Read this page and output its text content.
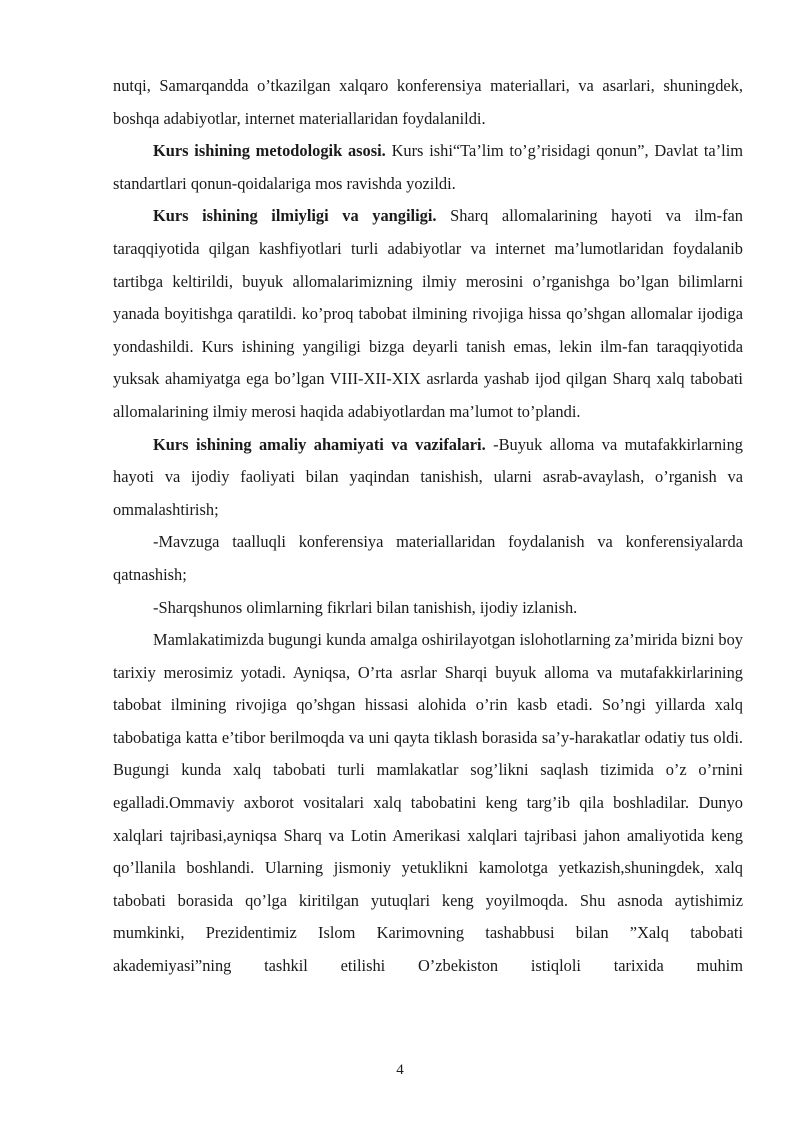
nutqi, Samarqandda o’tkazilgan xalqaro konferensiya materiallari, va asarlari, shuningdek, boshqa adabiyotlar, internet materiallaridan foydalanildi.

Kurs ishining metodologik asosi. Kurs ishi“Ta’lim to’g’risidagi qonun”, Davlat ta’lim standartlari qonun-qoidalariga mos ravishda yozildi.

Kurs ishining ilmiyligi va yangiligi. Sharq allomalarining hayoti va ilm-fan taraqqiyotida qilgan kashfiyotlari turli adabiyotlar va internet ma’lumotlaridan foydalanib tartibga keltirildi, buyuk allomalarimizning ilmiy merosini o’rganishga bo’lgan bilimlarni yanada boyitishga qaratildi. ko’proq tabobat ilmining rivojiga hissa qo’shgan allomalar ijodiga yondashildi. Kurs ishining yangiligi bizga deyarli tanish emas, lekin ilm-fan taraqqiyotida yuksak ahamiyatga ega bo’lgan VIII-XII-XIX asrlarda yashab ijod qilgan Sharq xalq tabobati allomalarining ilmiy merosi haqida adabiyotlardan ma’lumot to’plandi.

Kurs ishining amaliy ahamiyati va vazifalari. -Buyuk alloma va mutafakkirlarning hayoti va ijodiy faoliyati bilan yaqindan tanishish, ularni asrab-avaylash, o’rganish va ommalashtirish;

-Mavzuga taalluqli konferensiya materiallaridan foydalanish va konferensiyalarda qatnashish;

-Sharqshunos olimlarning fikrlari bilan tanishish, ijodiy izlanish.

Mamlakatimizda bugungi kunda amalga oshirilayotgan islohotlarning za’mirida bizni boy tarixiy merosimiz yotadi. Ayniqsa, O’rta asrlar Sharqi buyuk alloma va mutafakkirlarining tabobat ilmining rivojiga qo’shgan hissasi alohida o’rin kasb etadi. So’ngi yillarda xalq tabobatiga katta e’tibor berilmoqda va uni qayta tiklash borasida sa’y-harakatlar odatiy tus oldi. Bugungi kunda xalq tabobati turli mamlakatlar sog’likni saqlash tizimida o’z o’rnini egalladi.Ommaviy axborot vositalari xalq tabobatini keng targ’ib qila boshladilar. Dunyo xalqlari tajribasi,ayniqsa Sharq va Lotin Amerikasi xalqlari tajribasi jahon amaliyotida keng qo’llanila boshlandi. Ularning jismoniy yetuklikni kamolotga yetkazish,shuningdek, xalq tabobati borasida qo’lga kiritilgan yutuqlari keng yoyilmoqda. Shu asnoda aytishimiz mumkinki, Prezidentimiz Islom Karimovning tashabbusi bilan ”Xalq tabobati akademiyasi”ning tashkil etilishi O’zbekiston istiqloli tarixida muhim

4
